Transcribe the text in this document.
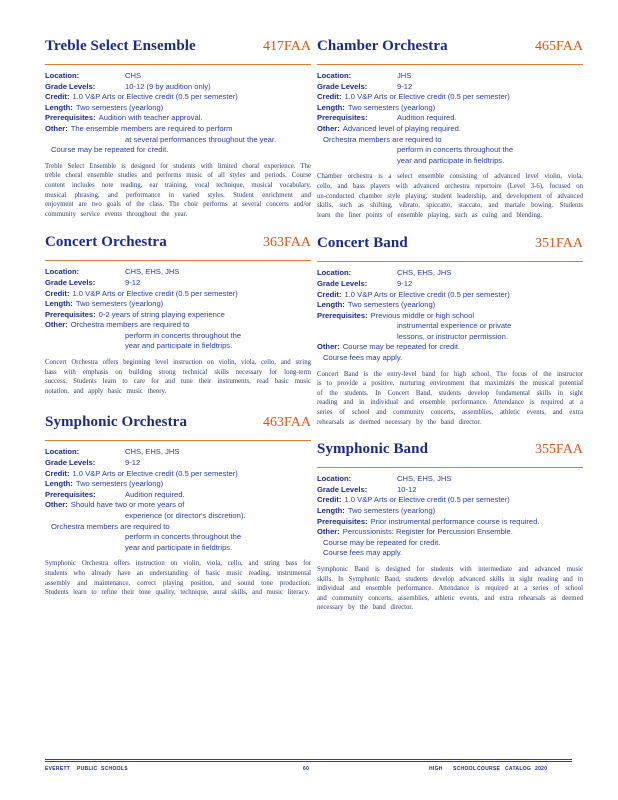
Treble Select Ensemble	417FAA
Location:	CHS
Grade Levels:	10-12 (9 by audition only)
Credit: 1.0 V&P Arts or Elective credit (0.5 per semester)
Length: Two semesters (yearlong)
Prerequisites: Audition with teacher approval.
Other: The ensemble members are required to perform
at several performances throughout the year.
Course may be repeated for credit.
Treble Select Ensemble is designed for students with limited choral experience. The treble choral ensemble studies and performs music of all styles and periods. Course content includes note reading, ear training, vocal technique, musical vocabulary, musical phrasing, and performance in varied styles. Student enrichment and enjoyment are two goals of the class. The choir performs at several concerts and/or community service events throughout the year.
Concert Orchestra	363FAA
Location:	CHS, EHS, JHS
Grade Levels:	9-12
Credit: 1.0 V&P Arts or Elective credit (0.5 per semester)
Length: Two semesters (yearlong)
Prerequisites: 0-2 years of string playing experience
Other: Orchestra members are required to
perform in concerts throughout the
year and participate in fieldtrips.
Concert Orchestra offers beginning level instruction on violin, viola, cello, and string bass with emphasis on building strong technical skills necessary for long-term success. Students learn to care for and tune their instruments, read basic music notation, and apply basic music theory.
Symphonic Orchestra	463FAA
Location:	CHS, EHS, JHS
Grade Levels:	9-12
Credit: 1.0 V&P Arts or Elective credit (0.5 per semester)
Length: Two semesters (yearlong)
Prerequisites:	Audition required.
Other: Should have two or more years of
experience (or director's discretion).
Orchestra members are required to
perform in concerts throughout the
year and participate in fieldtrips.
Symphonic Orchestra offers instruction on violin, viola, cello, and string bass for students who already have an understanding of basic music reading, instrumental assembly and maintenance, correct playing position, and sound tone production. Students learn to refine their tone quality, technique, aural skills, and music literacy.
Chamber Orchestra	465FAA
Location:	JHS
Grade Levels:	9-12
Credit: 1.0 V&P Arts or Elective credit (0.5 per semester)
Length: Two semesters (yearlong)
Prerequisites:	Audition required.
Other: Advanced level of playing required.
Orchestra members are required to
perform in concerts throughout the
year and participate in fieldtrips.
Chamber orchestra is a select ensemble consisting of advanced level violin, viola, cello, and bass players with advanced orchestra repertoire (Level 3-6), focused on un-conducted chamber style playing, student leadership, and development of advanced skills, such as shifting, vibrato, spiccatto, staccato, and martale bowing. Students learn the finer points of ensemble playing, such as cuing and blending.
Concert Band	351FAA
Location:	CHS, EHS, JHS
Grade Levels:	9-12
Credit: 1.0 V&P Arts or Elective credit (0.5 per semester)
Length: Two semesters (yearlong)
Prerequisites: Previous middle or high school
instrumental experience or private
lessons, or instructor permission.
Other: Course may be repeated for credit.
Course fees may apply.
Concert Band is the entry-level band for high school. The focus of the instructor is to provide a positive, nurturing environment that maximizes the musical potential of the students. In Concert Band, students develop fundamental skills in sight reading and in individual and ensemble performance. Attendance is required at a series of school and community concerts, assemblies, athletic events, and extra rehearsals as deemed necessary by the band director.
Symphonic Band	355FAA
Location:	CHS, EHS, JHS
Grade Levels:	10-12
Credit: 1.0 V&P Arts or Elective credit (0.5 per semester)
Length: Two semesters (yearlong)
Prerequisites: Prior instrumental performance course is required.
Other: Percussionists: Register for Percussion Ensemble.
Course may be repeated for credit.
Course fees may apply.
Symphonic Band is designed for students with intermediate and advanced music skills. In Symphonic Band, students develop advanced skills in sight reading and in individual and ensemble performance. Attendance is required at a series of school and community concerts, assemblies, athletic events, and extra rehearsals as deemed necessary by the band director.
EVERETT PUBLIC SCHOOLS	60	HIGH SCHOOL COURSE CATALOG 2020
